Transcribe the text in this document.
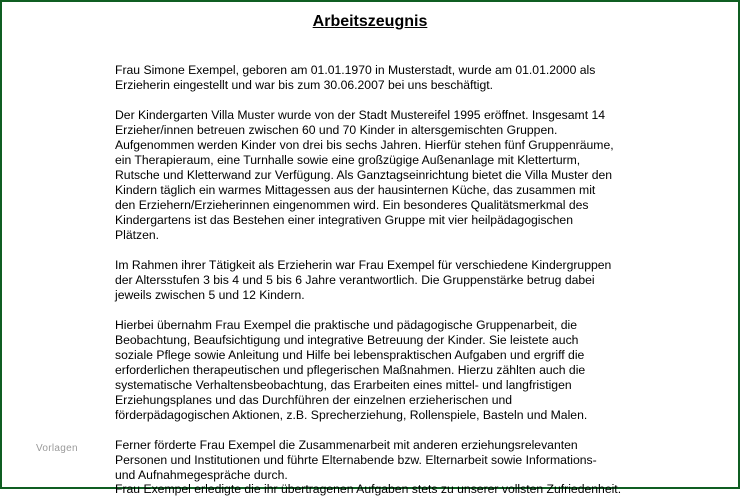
Arbeitszeugnis

Frau Simone Exempel, geboren am 01.01.1970 in Musterstadt, wurde am 01.01.2000 als
Erzieherin eingestellt und war bis zum 30.06.2007 bei uns beschäftigt.

Der Kindergarten Villa Muster wurde von der Stadt Mustereifel 1995 eröffnet. Insgesamt 14
Erzieher/innen betreuen zwischen 60 und 70 Kinder in altersgemischten Gruppen.
Aufgenommen werden Kinder von drei bis sechs Jahren. Hierfür stehen fünf Gruppenräume,
ein Therapieraum, eine Turnhalle sowie eine großzügige Außenanlage mit Kletterturm,
Rutsche und Kletterwand zur Verfügung. Als Ganztagseinrichtung bietet die Villa Muster den
Kindern täglich ein warmes Mittagessen aus der hausinternen Küche, das zusammen mit
den Erziehern/Erzieherinnen eingenommen wird. Ein besonderes Qualitätsmerkmal des
Kindergartens ist das Bestehen einer integrativen Gruppe mit vier heilpädagogischen
Plätzen.

Im Rahmen ihrer Tätigkeit als Erzieherin war Frau Exempel für verschiedene Kindergruppen
der Altersstufen 3 bis 4 und 5 bis 6 Jahre verantwortlich. Die Gruppenstärke betrug dabei
jeweils zwischen 5 und 12 Kindern.

Hierbei übernahm Frau Exempel die praktische und pädagogische Gruppenarbeit, die
Beobachtung, Beaufsichtigung und integrative Betreuung der Kinder. Sie leistete auch
soziale Pflege sowie Anleitung und Hilfe bei lebenspraktischen Aufgaben und ergriff die
erforderlichen therapeutischen und pflegerischen Maßnahmen. Hierzu zählten auch die
systematische Verhaltensbeobachtung, das Erarbeiten eines mittel- und langfristigen
Erziehungsplanes und das Durchführen der einzelnen erzieherischen und
förderpädagogischen Aktionen, z.B. Sprecherziehung, Rollenspiele, Basteln und Malen.

Ferner förderte Frau Exempel die Zusammenarbeit mit anderen erziehungsrelevanten
Personen und Institutionen und führte Elternabende bzw. Elternarbeit sowie Informations-
und Aufnahmegespräche durch.

Frau Exempel erledigte die ihr übertragenen Aufgaben stets zu unserer vollsten Zufriedenheit.
Vorlagen
